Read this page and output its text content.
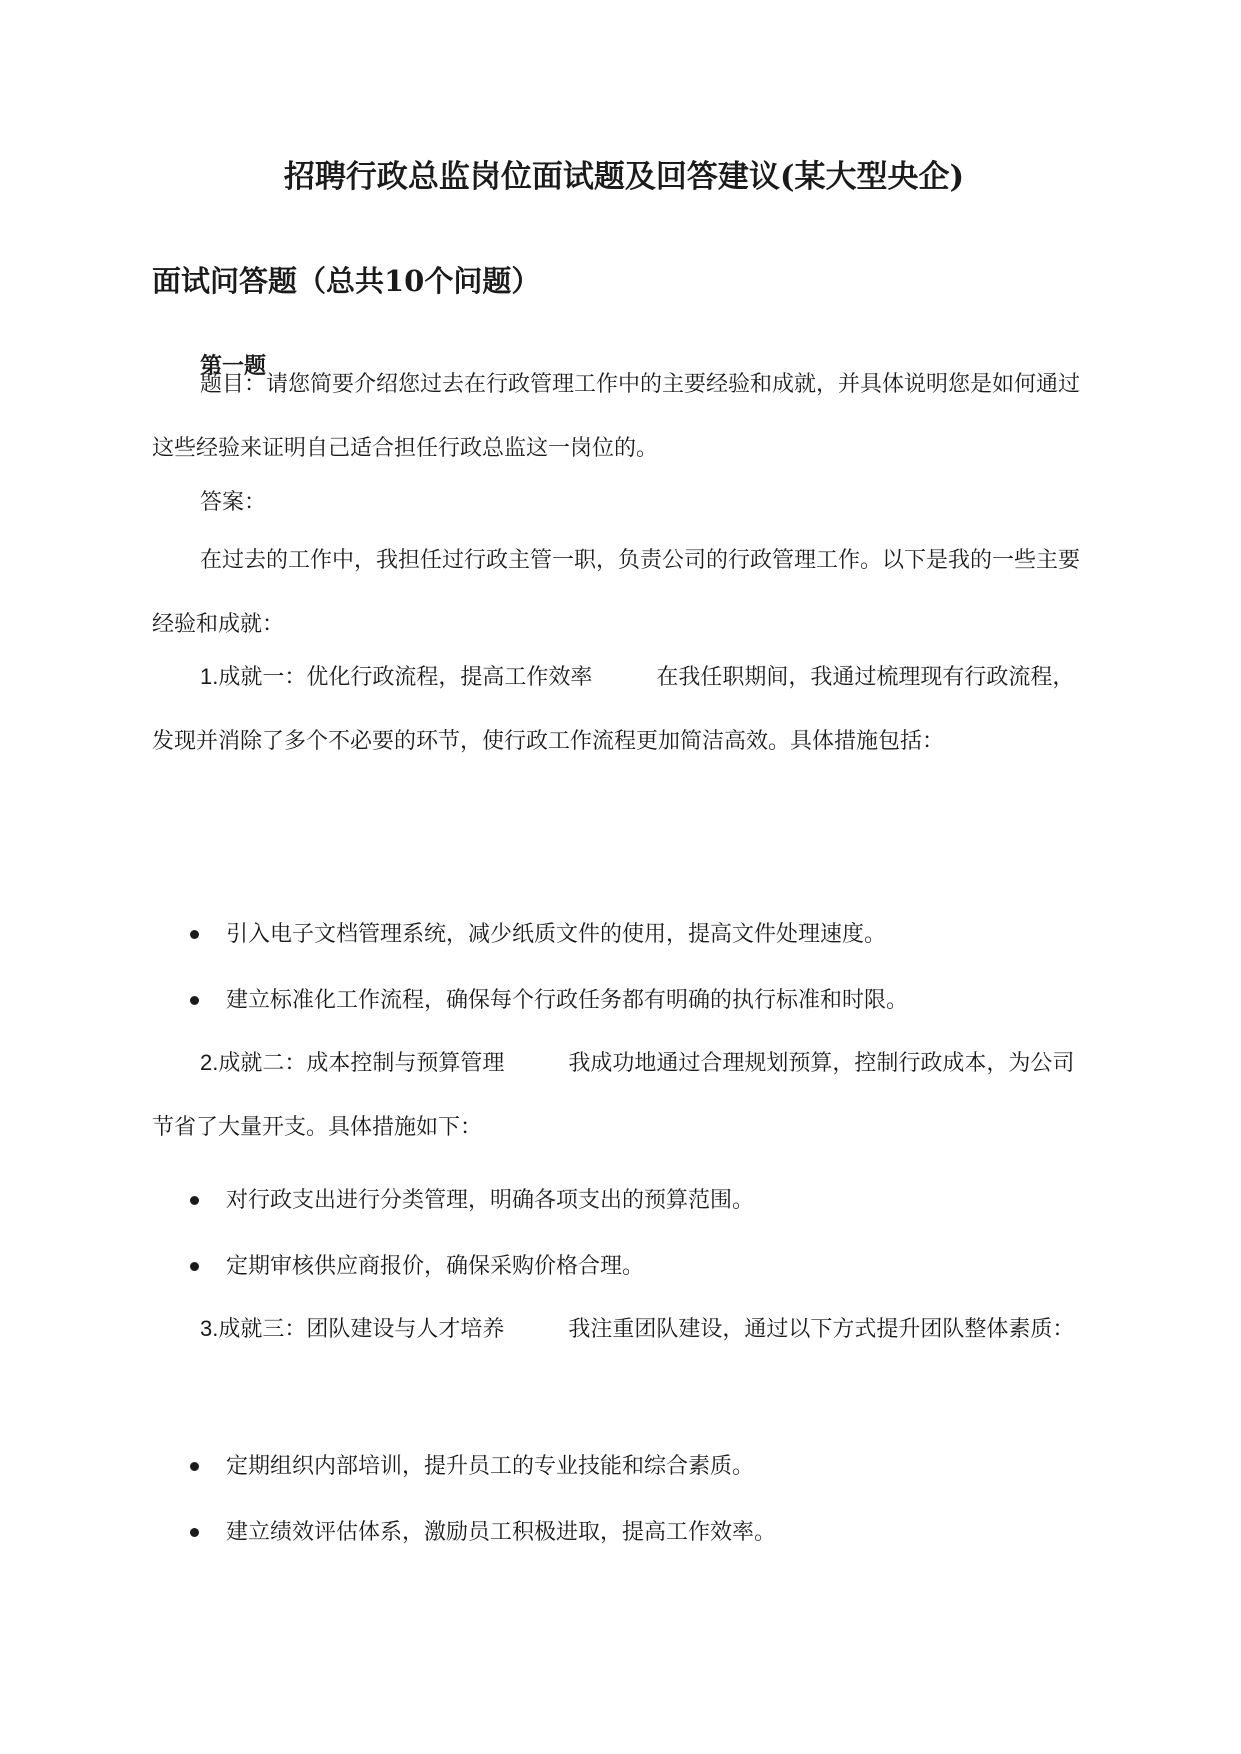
招聘行政总监岗位面试题及回答建议(某大型央企)
面试问答题（总共10个问题）
第一题

题目：请您简要介绍您过去在行政管理工作中的主要经验和成就，并具体说明您是如何通过这些经验来证明自己适合担任行政总监这一岗位的。

答案：

在过去的工作中，我担任过行政主管一职，负责公司的行政管理工作。以下是我的一些主要经验和成就：

1.成就一：优化行政流程，提高工作效率	在我任职期间，我通过梳理现有行政流程，发现并消除了多个不必要的环节，使行政工作流程更加简洁高效。具体措施包括：

引入电子文档管理系统，减少纸质文件的使用，提高文件处理速度。
建立标准化工作流程，确保每个行政任务都有明确的执行标准和时限。

2.成就二：成本控制与预算管理	我成功地通过合理规划预算，控制行政成本，为公司节省了大量开支。具体措施如下：

对行政支出进行分类管理，明确各项支出的预算范围。
定期审核供应商报价，确保采购价格合理。

3.成就三：团队建设与人才培养	我注重团队建设，通过以下方式提升团队整体素质：

定期组织内部培训，提升员工的专业技能和综合素质。
建立绩效评估体系，激励员工积极进取，提高工作效率。
